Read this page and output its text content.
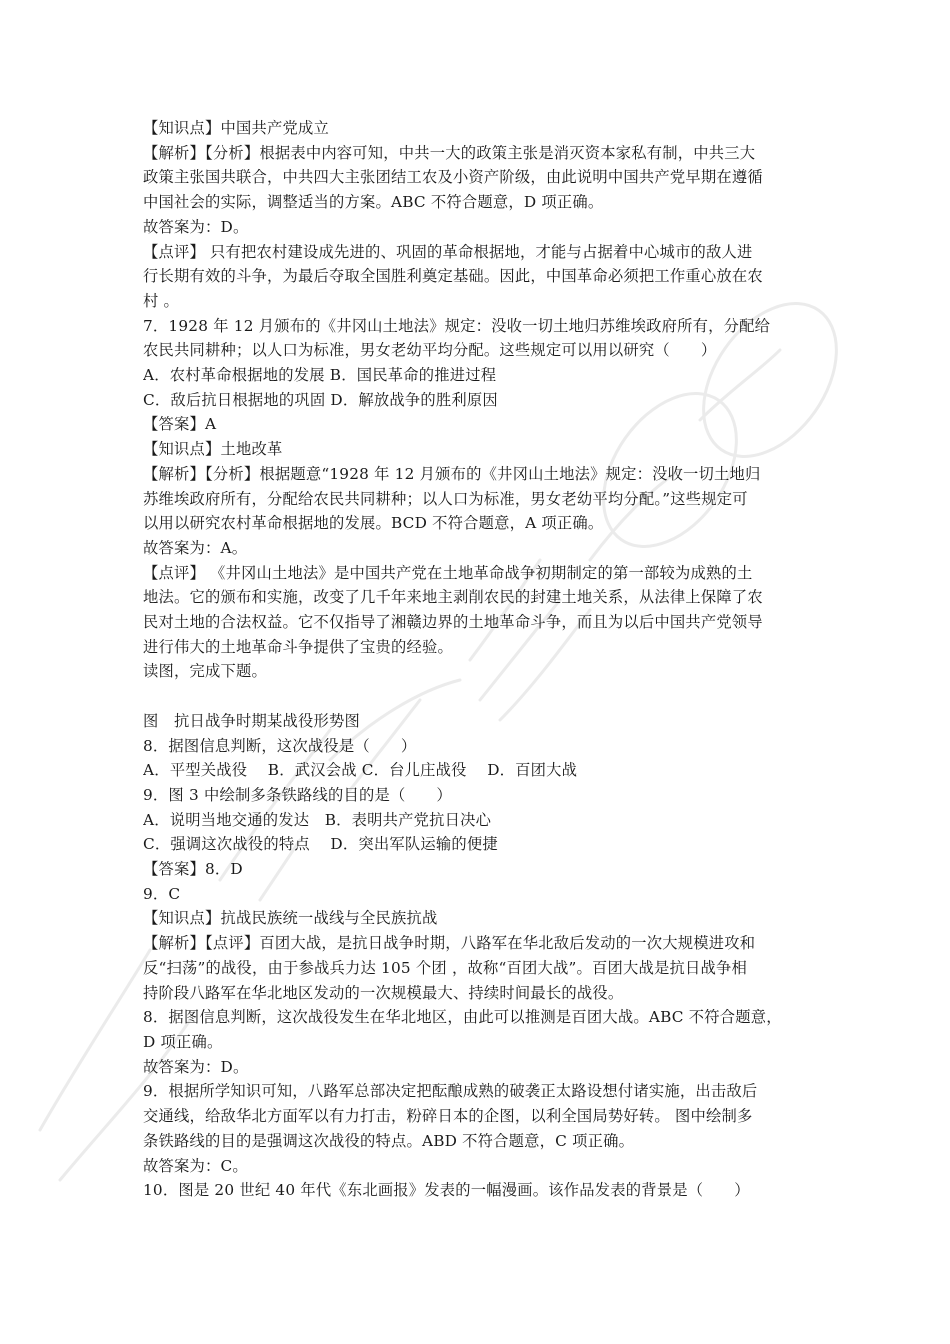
【知识点】中国共产党成立
【解析】【分析】根据表中内容可知，中共一大的政策主张是消灭资本家私有制，中共三大
政策主张国共联合，中共四大主张团结工农及小资产阶级，由此说明中国共产党早期在遵循
中国社会的实际，调整适当的方案。ABC 不符合题意，D 项正确。
故答案为：D。
【点评】 只有把农村建设成先进的、巩固的革命根据地，才能与占据着中心城市的敌人进
行长期有效的斗争，为最后夺取全国胜利奠定基础。因此，中国革命必须把工作重心放在农
村 。
7．1928 年 12 月颁布的《井冈山土地法》规定：没收一切土地归苏维埃政府所有，分配给
农民共同耕种；以人口为标准，男女老幼平均分配。这些规定可以用以研究（　　）
A．农村革命根据地的发展 B．国民革命的推进过程
C．敌后抗日根据地的巩固 D．解放战争的胜利原因
【答案】A
【知识点】土地改革
【解析】【分析】根据题意“1928 年 12 月颁布的《井冈山土地法》规定：没收一切土地归
苏维埃政府所有，分配给农民共同耕种；以人口为标准，男女老幼平均分配。”这些规定可
以用以研究农村革命根据地的发展。BCD 不符合题意，A 项正确。
故答案为：A。
【点评】 《井冈山土地法》是中国共产党在土地革命战争初期制定的第一部较为成熟的土
地法。它的颁布和实施，改变了几千年来地主剥削农民的封建土地关系，从法律上保障了农
民对土地的合法权益。它不仅指导了湘赣边界的土地革命斗争，而且为以后中国共产党领导
进行伟大的土地革命斗争提供了宝贵的经验。
读图，完成下题。
图　抗日战争时期某战役形势图
8．据图信息判断，这次战役是（　　）
A．平型关战役　 B．武汉会战 C．台儿庄战役　 D．百团大战
9．图 3 中绘制多条铁路线的目的是（　　）
A．说明当地交通的发达　B．表明共产党抗日决心
C．强调这次战役的特点　 D．突出军队运输的便捷
【答案】8．D
9．C
【知识点】抗战民族统一战线与全民族抗战
【解析】【点评】百团大战，是抗日战争时期，八路军在华北敌后发动的一次大规模进攻和
反“扫荡”的战役，由于参战兵力达 105 个团 ，故称“百团大战”。百团大战是抗日战争相
持阶段八路军在华北地区发动的一次规模最大、持续时间最长的战役。
8．据图信息判断，这次战役发生在华北地区，由此可以推测是百团大战。ABC 不符合题意，
D 项正确。
故答案为：D。
9．根据所学知识可知，八路军总部决定把酝酿成熟的破袭正太路设想付诸实施，出击敌后
交通线，给敌华北方面军以有力打击，粉碎日本的企图，以利全国局势好转。 图中绘制多
条铁路线的目的是强调这次战役的特点。ABD 不符合题意，C 项正确。
故答案为：C。
10．图是 20 世纪 40 年代《东北画报》发表的一幅漫画。该作品发表的背景是（　　）
